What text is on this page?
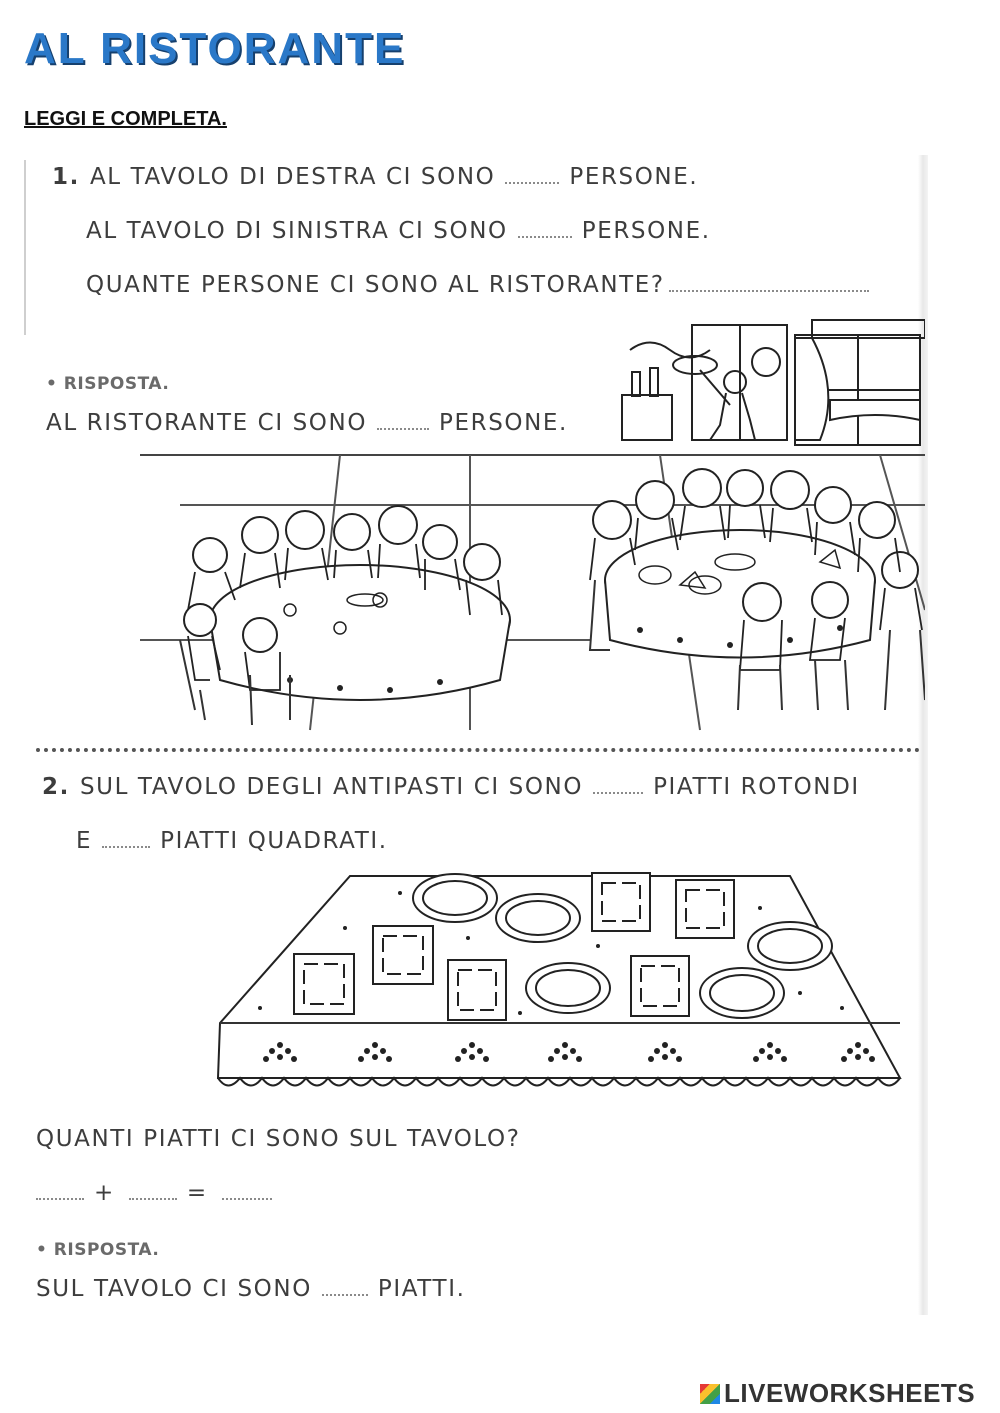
AL RISTORANTE
LEGGI E COMPLETA.
1. AL TAVOLO DI DESTRA CI SONO	PERSONE.
AL TAVOLO DI SINISTRA CI SONO	PERSONE.
QUANTE PERSONE CI SONO AL RISTORANTE?
• RISPOSTA.
AL RISTORANTE CI SONO	PERSONE.
2. SUL TAVOLO DEGLI ANTIPASTI CI SONO	PIATTI ROTONDI
E	PIATTI QUADRATI.
QUANTI PIATTI CI SONO SUL TAVOLO?
+	=
• RISPOSTA.
SUL TAVOLO CI SONO	PIATTI.
LIVEWORKSHEETS
